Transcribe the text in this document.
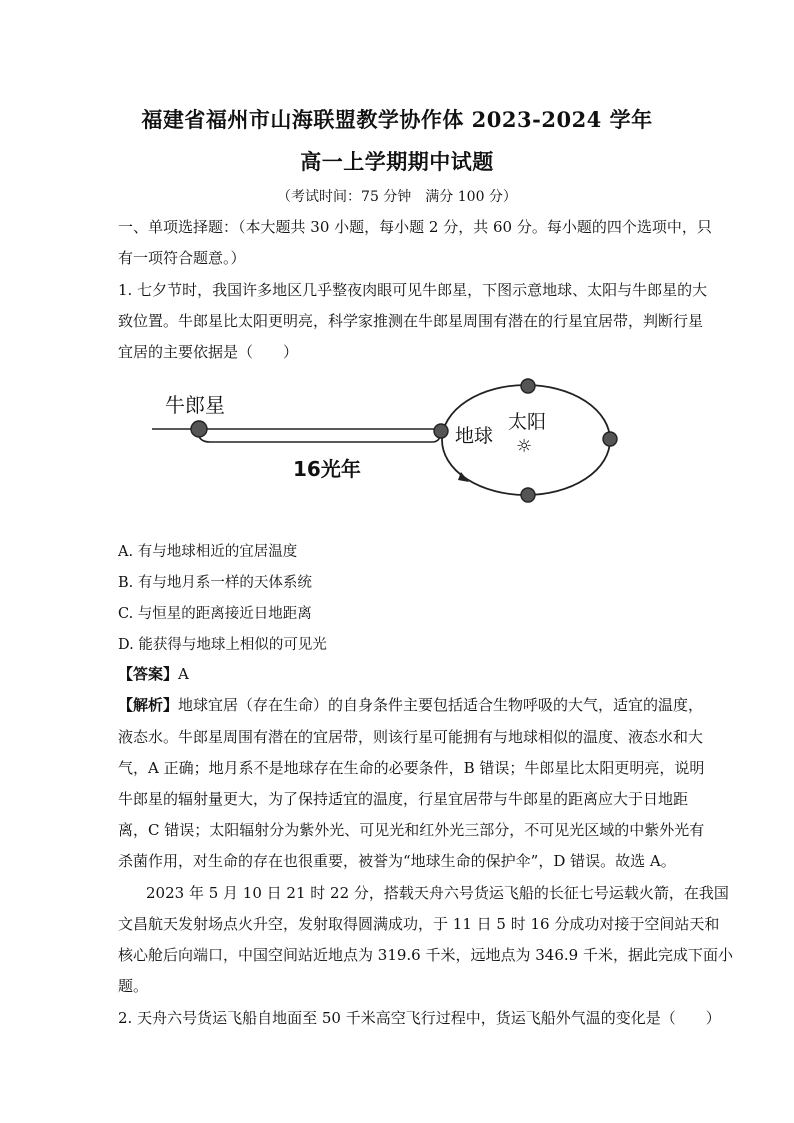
福建省福州市山海联盟教学协作体 2023-2024 学年
高一上学期期中试题
（考试时间：75 分钟　满分 100 分）
一、单项选择题：（本大题共 30 小题，每小题 2 分，共 60 分。每小题的四个选项中，只
有一项符合题意。）
1. 七夕节时，我国许多地区几乎整夜肉眼可见牛郎星，下图示意地球、太阳与牛郎星的大
致位置。牛郎星比太阳更明亮，科学家推测在牛郎星周围有潜在的行星宜居带，判断行星
宜居的主要依据是（　　）
牛郎星
16光年
地球
太阳
☼
A. 有与地球相近的宜居温度
B. 有与地月系一样的天体系统
C. 与恒星的距离接近日地距离
D. 能获得与地球上相似的可见光
【答案】A
【解析】地球宜居（存在生命）的自身条件主要包括适合生物呼吸的大气，适宜的温度，
液态水。牛郎星周围有潜在的宜居带，则该行星可能拥有与地球相似的温度、液态水和大
气，A 正确；地月系不是地球存在生命的必要条件，B 错误；牛郎星比太阳更明亮，说明
牛郎星的辐射量更大，为了保持适宜的温度，行星宜居带与牛郎星的距离应大于日地距
离，C 错误；太阳辐射分为紫外光、可见光和红外光三部分，不可见光区域的中紫外光有
杀菌作用，对生命的存在也很重要，被誉为“地球生命的保护伞”，D 错误。故选 A。
2023 年 5 月 10 日 21 时 22 分，搭载天舟六号货运飞船的长征七号运载火箭，在我国
文昌航天发射场点火升空，发射取得圆满成功，于 11 日 5 时 16 分成功对接于空间站天和
核心舱后向端口，中国空间站近地点为 319.6 千米，远地点为 346.9 千米，据此完成下面小
题。
2. 天舟六号货运飞船自地面至 50 千米高空飞行过程中，货运飞船外气温的变化是（　　）
